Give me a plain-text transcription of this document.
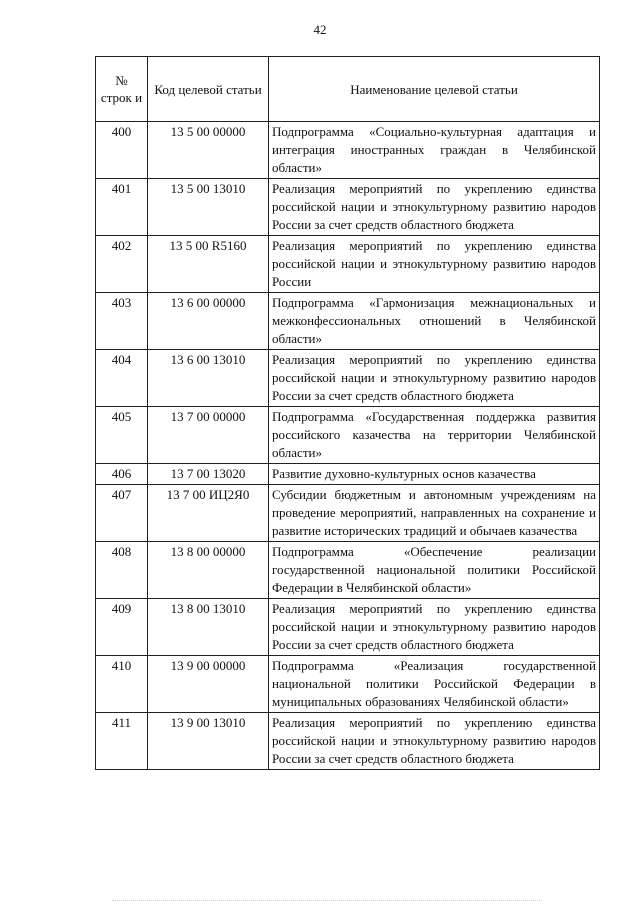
42
№ строк и	Код целевой статьи	Наименование целевой статьи
400	13 5 00 00000	Подпрограмма «Социально-культурная адаптация и интеграция иностранных граждан в Челябинской области»
401	13 5 00 13010	Реализация мероприятий по укреплению единства российской нации и этнокультурному развитию народов России за счет средств областного бюджета
402	13 5 00 R5160	Реализация мероприятий по укреплению единства российской нации и этнокультурному развитию народов России
403	13 6 00 00000	Подпрограмма «Гармонизация межнациональных и межконфессиональных отношений в Челябинской области»
404	13 6 00 13010	Реализация мероприятий по укреплению единства российской нации и этнокультурному развитию народов России за счет средств областного бюджета
405	13 7 00 00000	Подпрограмма «Государственная поддержка развития российского казачества на территории Челябинской области»
406	13 7 00 13020	Развитие духовно-культурных основ казачества
407	13 7 00 ИЦ2Я0	Субсидии бюджетным и автономным учреждениям на проведение мероприятий, направленных на сохранение и развитие исторических традиций и обычаев казачества
408	13 8 00 00000	Подпрограмма «Обеспечение реализации государственной национальной политики Российской Федерации в Челябинской области»
409	13 8 00 13010	Реализация мероприятий по укреплению единства российской нации и этнокультурному развитию народов России за счет средств областного бюджета
410	13 9 00 00000	Подпрограмма «Реализация государственной национальной политики Российской Федерации в муниципальных образованиях Челябинской области»
411	13 9 00 13010	Реализация мероприятий по укреплению единства российской нации и этнокультурному развитию народов России за счет средств областного бюджета
